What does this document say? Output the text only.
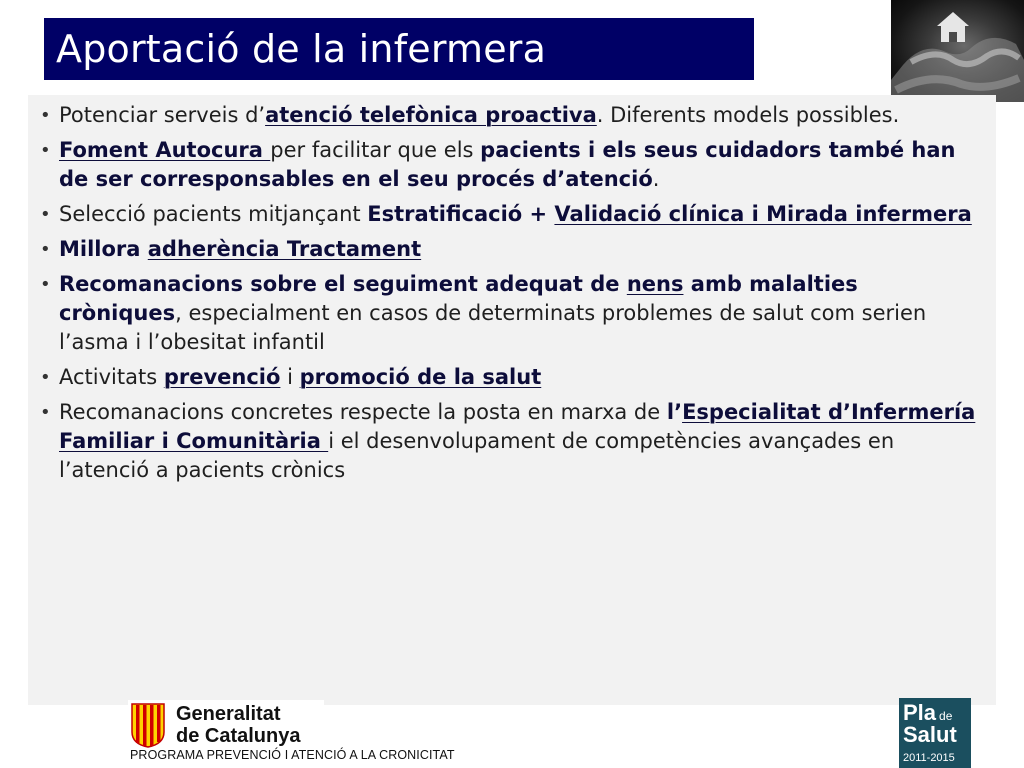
Aportació de la infermera
• Potenciar serveis d’atenció telefònica proactiva. Diferents models possibles.
• Foment Autocura per facilitar que els pacients i els seus cuidadors també han de ser corresponsables en el seu procés d’atenció.
• Selecció pacients mitjançant Estratificació + Validació clínica i Mirada infermera
• Millora adherència Tractament
• Recomanacions sobre el seguiment adequat de nens amb malalties cròniques, especialment en casos de determinats problemes de salut com serien l’asma i l’obesitat infantil
• Activitats prevenció i promoció de la salut
• Recomanacions concretes respecte la posta en marxa de l’Especialitat d’Infermería Familiar i Comunitària i el desenvolupament de competències avançades en l’atenció a pacients crònics
Generalitat
de Catalunya
PROGRAMA PREVENCIÓ I ATENCIÓ A LA CRONICITAT
Pla de
Salut
2011-2015
